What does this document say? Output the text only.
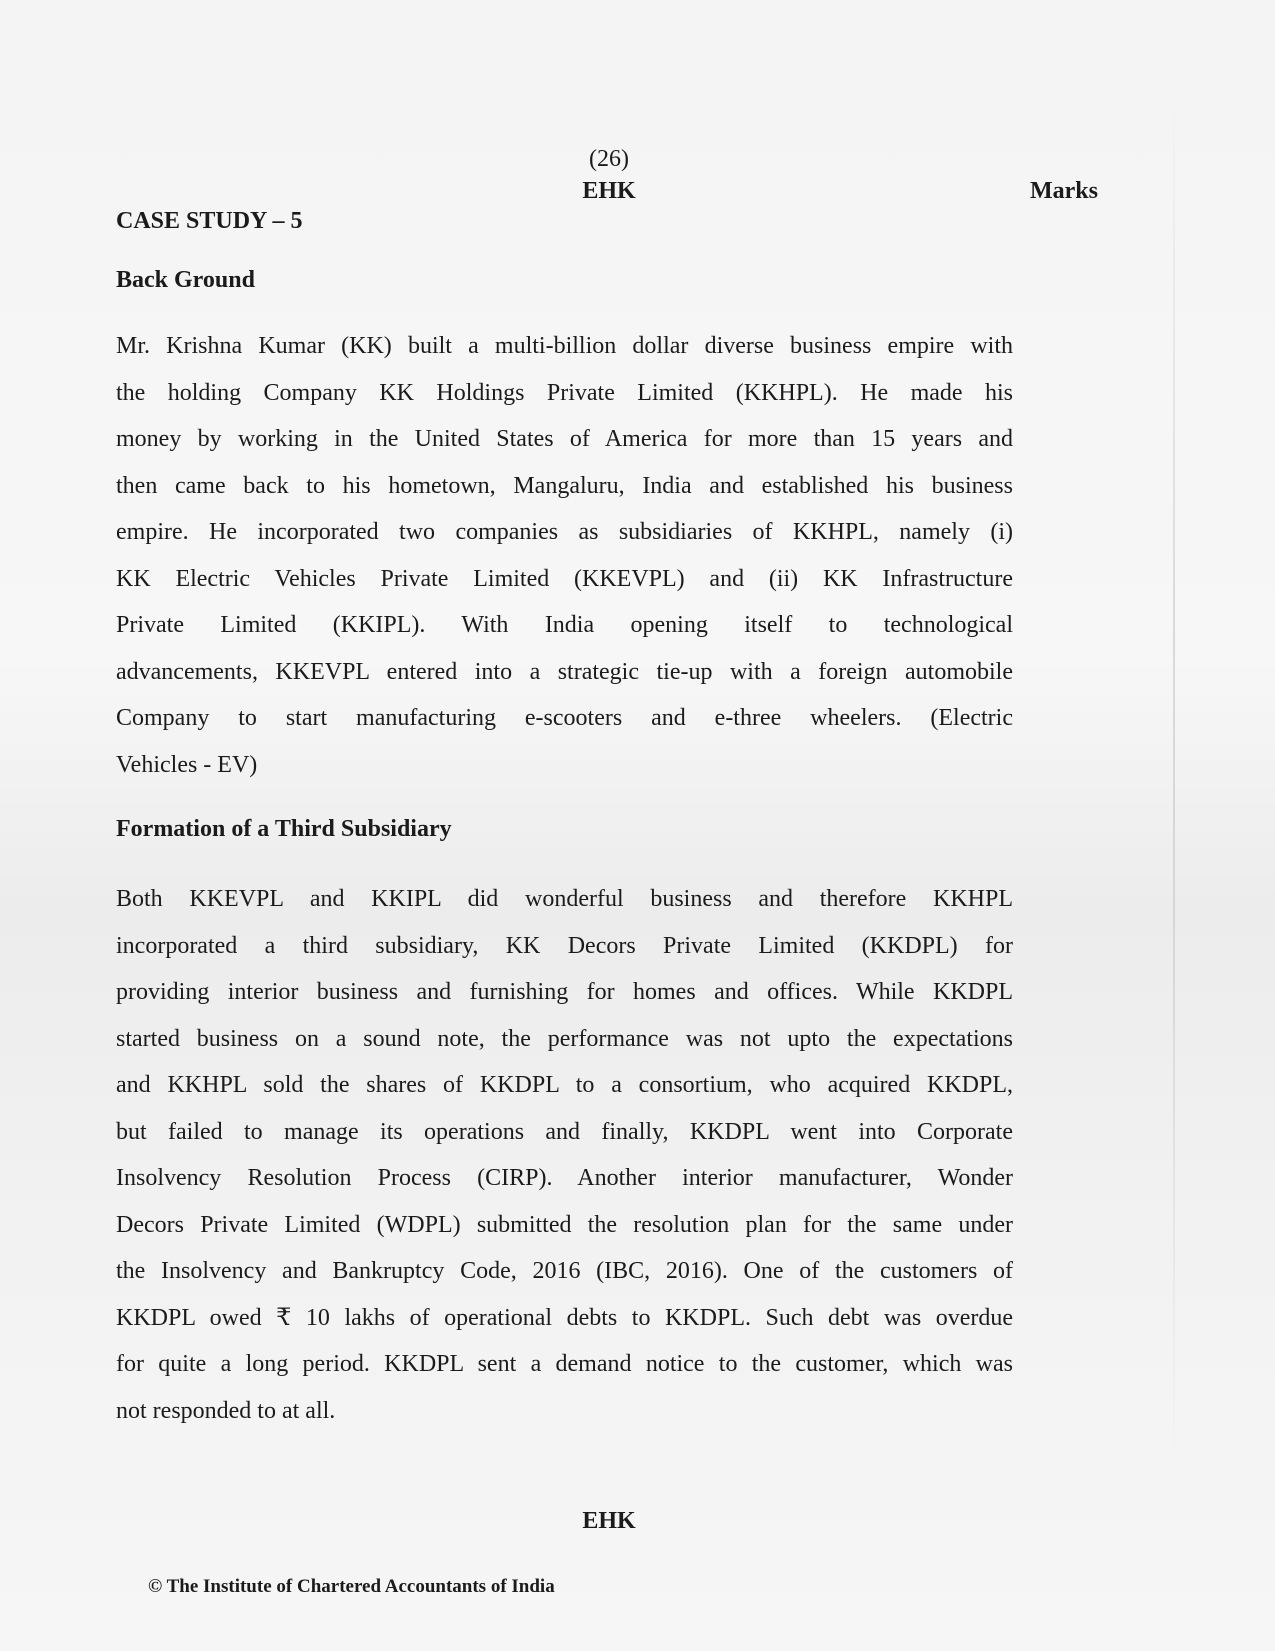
(26)
EHK	Marks
CASE STUDY – 5
Back Ground
Mr. Krishna Kumar (KK) built a multi-billion dollar diverse business empire with
the holding Company KK Holdings Private Limited (KKHPL). He made his
money by working in the United States of America for more than 15 years and
then came back to his hometown, Mangaluru, India and established his business
empire. He incorporated two companies as subsidiaries of KKHPL, namely (i)
KK Electric Vehicles Private Limited (KKEVPL) and (ii) KK Infrastructure
Private Limited (KKIPL). With India opening itself to technological
advancements, KKEVPL entered into a strategic tie-up with a foreign automobile
Company to start manufacturing e-scooters and e-three wheelers. (Electric
Vehicles - EV)
Formation of a Third Subsidiary
Both KKEVPL and KKIPL did wonderful business and therefore KKHPL
incorporated a third subsidiary, KK Decors Private Limited (KKDPL) for
providing interior business and furnishing for homes and offices. While KKDPL
started business on a sound note, the performance was not upto the expectations
and KKHPL sold the shares of KKDPL to a consortium, who acquired KKDPL,
but failed to manage its operations and finally, KKDPL went into Corporate
Insolvency Resolution Process (CIRP). Another interior manufacturer, Wonder
Decors Private Limited (WDPL) submitted the resolution plan for the same under
the Insolvency and Bankruptcy Code, 2016 (IBC, 2016). One of the customers of
KKDPL owed ₹ 10 lakhs of operational debts to KKDPL. Such debt was overdue
for quite a long period. KKDPL sent a demand notice to the customer, which was
not responded to at all.
EHK
© The Institute of Chartered Accountants of India
